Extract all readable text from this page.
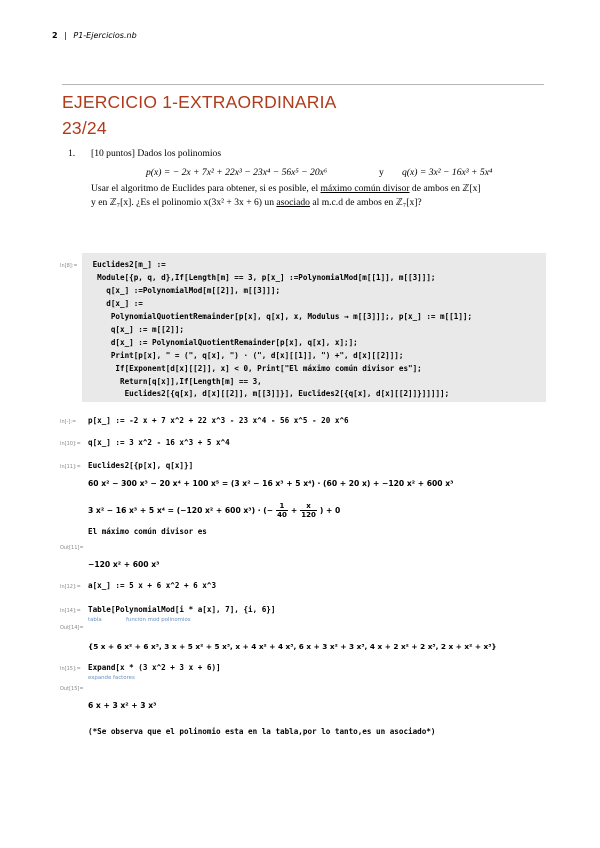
2 | P1-Ejercicios.nb
EJERCICIO 1-EXTRAORDINARIA
23/24
1. [10 puntos] Dados los polinomios
p(x) = − 2x + 7x² + 22x³ − 23x⁴ − 56x⁵ − 20x⁶	y q(x) = 3x² − 16x³ + 5x⁴
Usar el algoritmo de Euclides para obtener, si es posible, el máximo común divisor de ambos en ℤ[x]
y en ℤ₇[x]. ¿Es el polinomio x(3x² + 3x + 6) un asociado al m.c.d de ambos en ℤ₇[x]?
In[8]:= Euclides2[m_] :=
Module[{p, q, d},If[Length[m] == 3, p[x_] :=PolynomialMod[m[[1]], m[[3]]];
q[x_] :=PolynomialMod[m[[2]], m[[3]]];
d[x_] :=
PolynomialQuotientRemainder[p[x], q[x], x, Modulus → m[[3]]];, p[x_] := m[[1]];
q[x_] := m[[2]];
d[x_] := PolynomialQuotientRemainder[p[x], q[x], x];];
Print[p[x], " = (", q[x], ") · (", d[x][[1]], ") +", d[x][[2]]];
If[Exponent[d[x][[2]], x] < 0, Print["El máximo común divisor es"];
Return[q[x]],If[Length[m] == 3,
Euclides2[{q[x], d[x][[2]], m[[3]]}], Euclides2[{q[x], d[x][[2]]}]]]]];
In[-]:= p[x_] := -2 x + 7 x^2 + 22 x^3 - 23 x^4 - 56 x^5 - 20 x^6
In[10]:= q[x_] := 3 x^2 - 16 x^3 + 5 x^4
In[11]:= Euclides2[{p[x], q[x]}]
60 x² − 300 x³ − 20 x⁴ + 100 x⁵ = (3 x² − 16 x³ + 5 x⁴) · (60 + 20 x) + −120 x² + 600 x³
3 x² − 16 x³ + 5 x⁴ = (−120 x² + 600 x³) · (− $\frac{1}{40} + \frac{x}{120}$ ) + 0
El máximo común divisor es
Out[11]=
−120 x² + 600 x³
In[12]:= a[x_] := 5 x + 6 x^2 + 6 x^3
In[14]:= Table[PolynomialMod[i * a[x], 7], {i, 6}]
tabla	función mod polinomios
Out[14]=
{5 x + 6 x² + 6 x³, 3 x + 5 x² + 5 x³, x + 4 x² + 4 x³, 6 x + 3 x² + 3 x³, 4 x + 2 x² + 2 x³, 2 x + x² + x³}
In[15]:= Expand[x * (3 x^2 + 3 x + 6)]
expande factores
Out[15]=
6 x + 3 x² + 3 x³
(*Se observa que el polinomio esta en la tabla,por lo tanto,es un asociado*)
